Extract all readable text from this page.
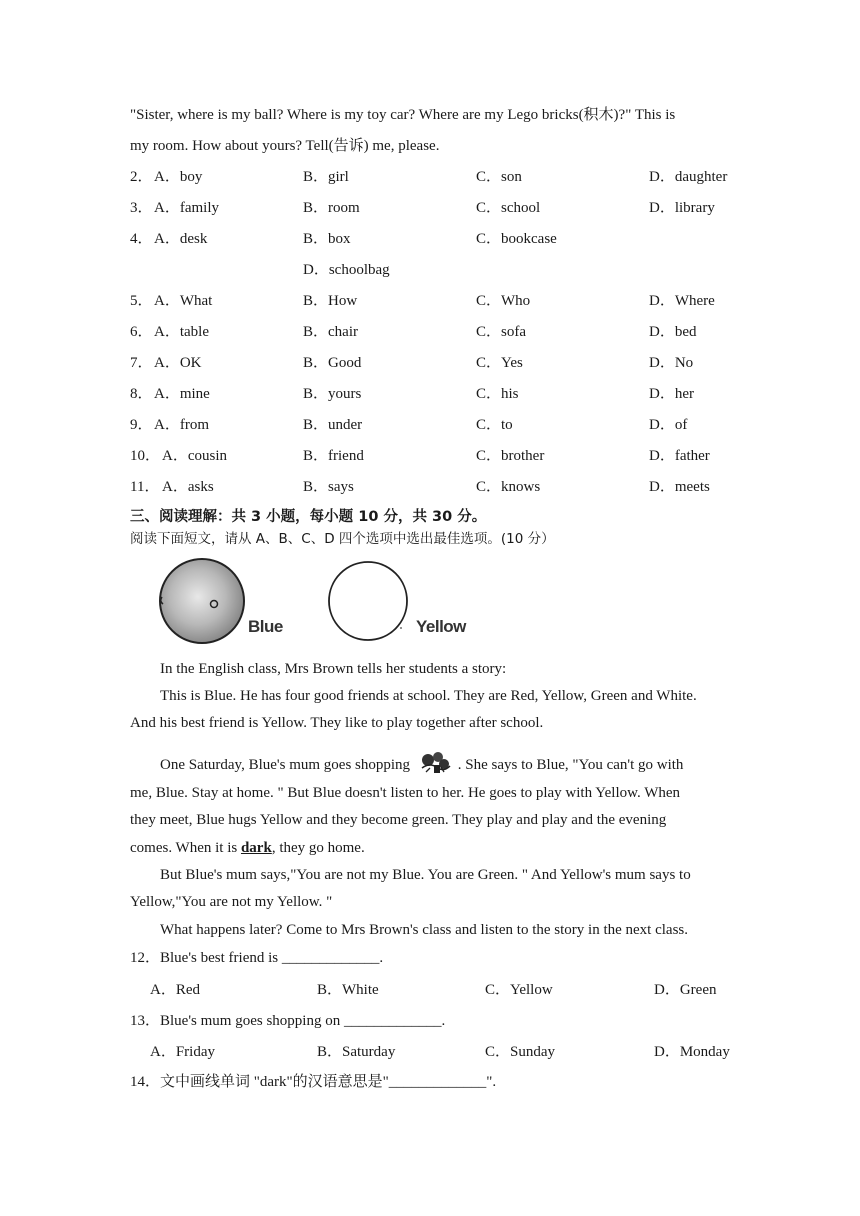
"Sister, where is my ball? Where is my toy car? Where are my Lego bricks(积木)?" This is
my room. How about yours? Tell(告诉) me, please.
2． A．boy	B．girl	C．son	D．daughter
3． A．family	B．room	C．school	D．library
4． A．desk	B．box	C．bookcase
D．schoolbag
5． A．What	B．How	C．Who	D．Where
6． A．table	B．chair	C．sofa	D．bed
7． A．OK	B．Good	C．Yes	D．No
8． A．mine	B．yours	C．his	D．her
9． A．from	B．under	C．to	D．of
10． A．cousin	B．friend	C．brother	D．father
11． A．asks	B．says	C．knows	D．meets
三、阅读理解：共 3 小题，每小题 10 分，共 30 分。
阅读下面短文，请从 A、B、C、D 四个选项中选出最佳选项。(10 分）
Blue	Yellow
In the English class, Mrs Brown tells her students a story:
This is Blue. He has four good friends at school. They are Red, Yellow, Green and White.
And his best friend is Yellow. They like to play together after school.
One Saturday, Blue's mum goes shopping	. She says to Blue, "You can't go with
me, Blue. Stay at home. " But Blue doesn't listen to her. He goes to play with Yellow. When
they meet, Blue hugs Yellow and they become green. They play and play and the evening
comes. When it is dark, they go home.
But Blue's mum says,"You are not my Blue. You are Green. " And Yellow's mum says to
Yellow,"You are not my Yellow. "
What happens later? Come to Mrs Brown's class and listen to the story in the next class.
12．Blue's best friend is _____________.
A．Red	B．White	C．Yellow	D．Green
13．Blue's mum goes shopping on _____________.
A．Friday	B．Saturday	C．Sunday	D．Monday
14．文中画线单词 "dark"的汉语意思是"_____________".
